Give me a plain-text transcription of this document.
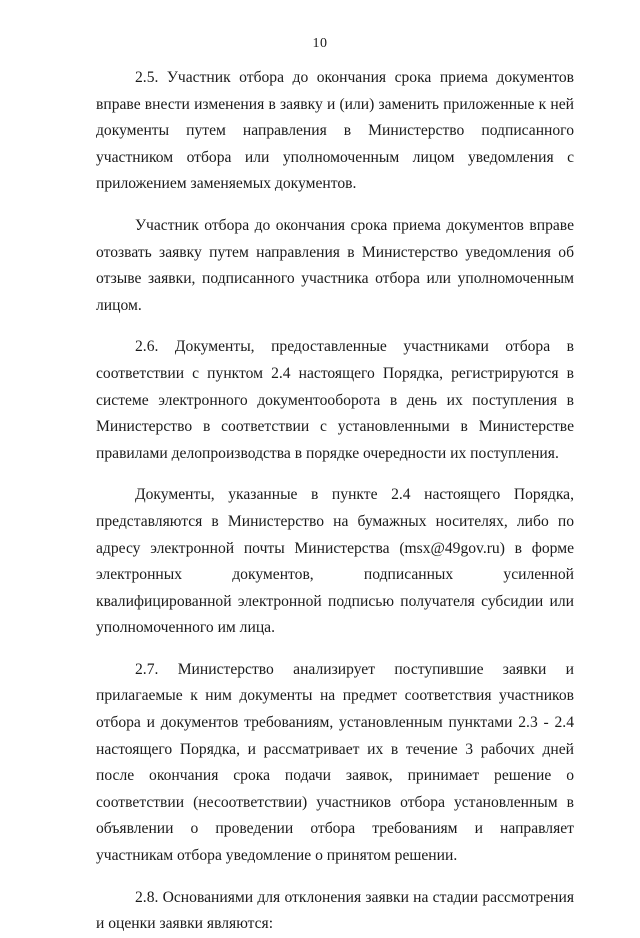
10

2.5. Участник отбора до окончания срока приема документов вправе внести изменения в заявку и (или) заменить приложенные к ней документы путем направления в Министерство подписанного участником отбора или уполномоченным лицом уведомления с приложением заменяемых документов.

Участник отбора до окончания срока приема документов вправе отозвать заявку путем направления в Министерство уведомления об отзыве заявки, подписанного участника отбора или уполномоченным лицом.

2.6. Документы, предоставленные участниками отбора в соответствии с пунктом 2.4 настоящего Порядка, регистрируются в системе электронного документооборота в день их поступления в Министерство в соответствии с установленными в Министерстве правилами делопроизводства в порядке очередности их поступления.

Документы, указанные в пункте 2.4 настоящего Порядка, представляются в Министерство на бумажных носителях, либо по адресу электронной почты Министерства (msx@49gov.ru) в форме электронных документов, подписанных усиленной квалифицированной электронной подписью получателя субсидии или уполномоченного им лица.

2.7. Министерство анализирует поступившие заявки и прилагаемые к ним документы на предмет соответствия участников отбора и документов требованиям, установленным пунктами 2.3 - 2.4 настоящего Порядка, и рассматривает их в течение 3 рабочих дней после окончания срока подачи заявок, принимает решение о соответствии (несоответствии) участников отбора установленным в объявлении о проведении отбора требованиям и направляет участникам отбора уведомление о принятом решении.

2.8. Основаниями для отклонения заявки на стадии рассмотрения и оценки заявки являются:
